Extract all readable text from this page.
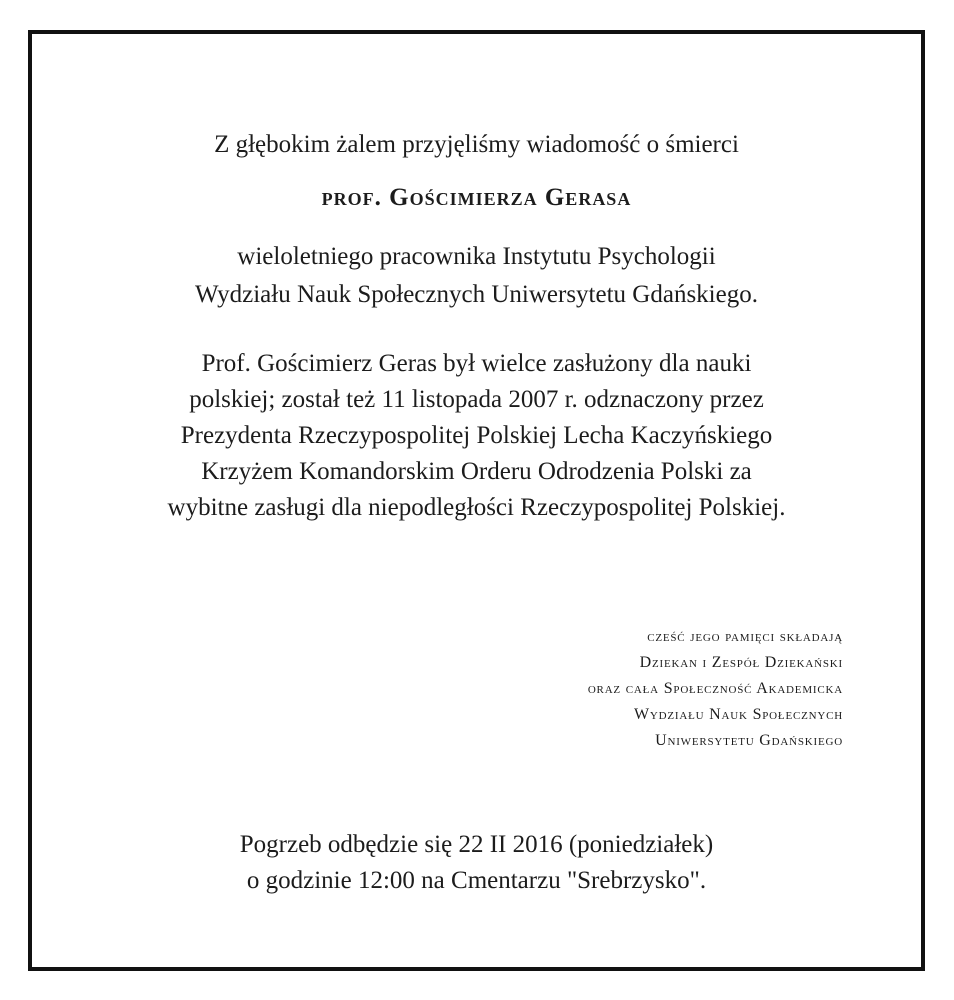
Z głębokim żalem przyjęliśmy wiadomość o śmierci
prof. Gościmierza Gerasa
wieloletniego pracownika Instytutu Psychologii
Wydziału Nauk Społecznych Uniwersytetu Gdańskiego.
Prof. Gościmierz Geras był wielce zasłużony dla nauki
polskiej; został też 11 listopada 2007 r. odznaczony przez
Prezydenta Rzeczypospolitej Polskiej Lecha Kaczyńskiego
Krzyżem Komandorskim Orderu Odrodzenia Polski za
wybitne zasługi dla niepodległości Rzeczypospolitej Polskiej.
cześć jego pamięci składają
Dziekan i Zespół Dziekański
oraz cała Społeczność Akademicka
Wydziału Nauk Społecznych
Uniwersytetu Gdańskiego
Pogrzeb odbędzie się 22 II 2016 (poniedziałek)
o godzinie 12:00 na Cmentarzu "Srebrzysko".
